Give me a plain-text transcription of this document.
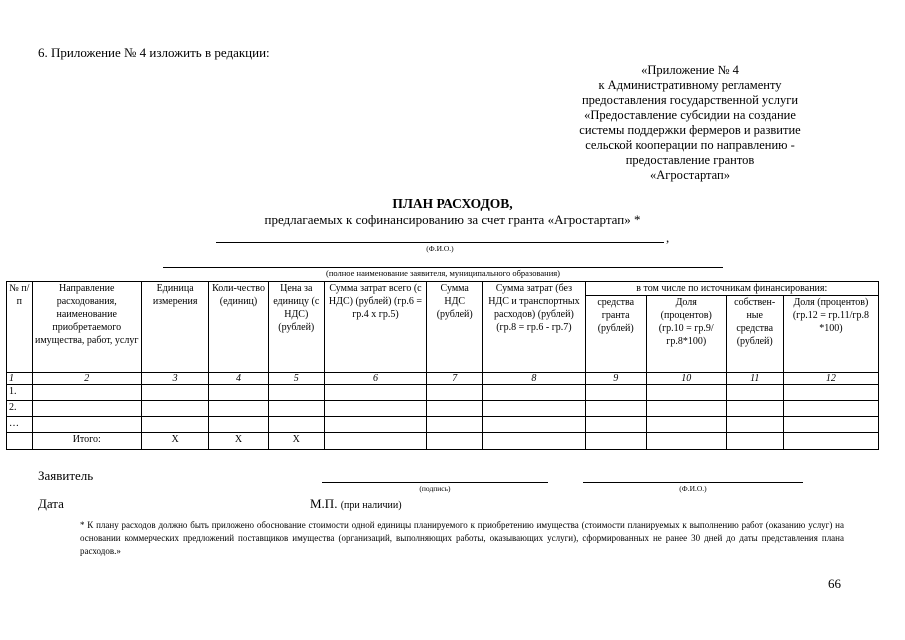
6. Приложение № 4 изложить в редакции:
«Приложение № 4
к Административному регламенту
предоставления государственной услуги
«Предоставление субсидии на создание
системы поддержки фермеров и развитие
сельской кооперации по направлению -
предоставление грантов
«Агростартап»
ПЛАН РАСХОДОВ,
предлагаемых к софинансированию за счет гранта «Агростартап» *
,
(Ф.И.О.)
(полное наименование заявителя, муниципального образования)
№ п/п	Направление расходования, наименование приобретаемого имущества, работ, услуг	Единица измерения	Коли-чество (единиц)	Цена за единицу (с НДС) (рублей)	Сумма затрат всего (с НДС) (рублей) (гр.6 = гр.4 х гр.5)	Сумма НДС (рублей)	Сумма затрат (без НДС и транспортных расходов) (рублей) (гр.8 = гр.6 - гр.7)	в том числе по источникам финансирования:			
								средства гранта (рублей)	Доля (процентов) (гр.10 = гр.9/гр.8*100)	собствен-ные средства (рублей)	Доля (процентов) (гр.12 = гр.11/гр.8 *100)
1	2	3	4	5	6	7	8	9	10	11	12
1.											
2.											
…											
	Итого:	Х	Х	Х							
Заявитель
(подпись)	(Ф.И.О.)
Дата	М.П. (при наличии)
* К плану расходов должно быть приложено обоснование стоимости одной единицы планируемого к приобретению имущества (стоимости планируемых к выполнению работ (оказанию услуг) на основании коммерческих предложений поставщиков имущества (организаций, выполняющих работы, оказывающих услуги), сформированных не ранее 30 дней до даты представления плана расходов.»
66
